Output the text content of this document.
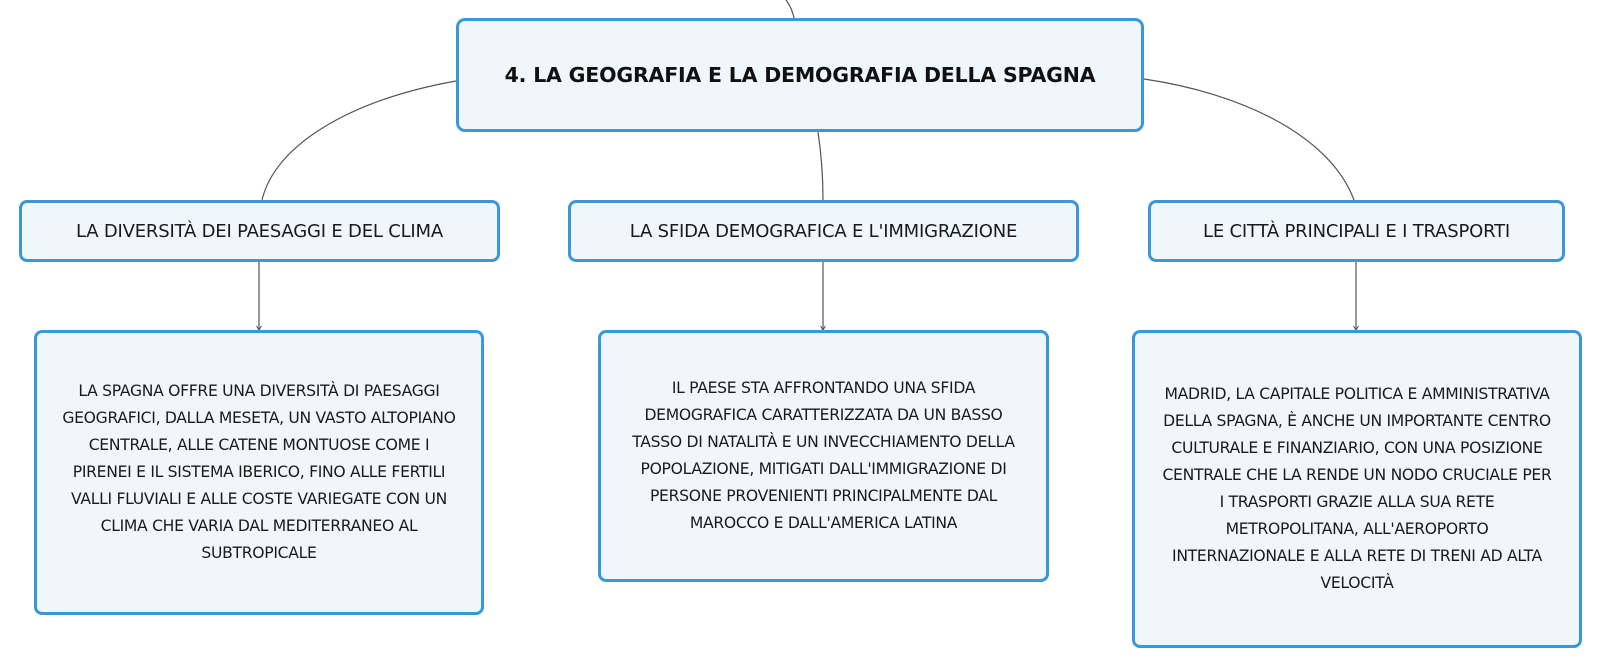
4. LA GEOGRAFIA E LA DEMOGRAFIA DELLA SPAGNA
LA DIVERSITÀ DEI PAESAGGI E DEL CLIMA	LA SFIDA DEMOGRAFICA E L'IMMIGRAZIONE	LE CITTÀ PRINCIPALI E I TRASPORTI
LA SPAGNA OFFRE UNA DIVERSITÀ DI PAESAGGI
GEOGRAFICI, DALLA MESETA, UN VASTO ALTOPIANO
CENTRALE, ALLE CATENE MONTUOSE COME I
PIRENEI E IL SISTEMA IBERICO, FINO ALLE FERTILI
VALLI FLUVIALI E ALLE COSTE VARIEGATE CON UN
CLIMA CHE VARIA DAL MEDITERRANEO AL
SUBTROPICALE
IL PAESE STA AFFRONTANDO UNA SFIDA
DEMOGRAFICA CARATTERIZZATA DA UN BASSO
TASSO DI NATALITÀ E UN INVECCHIAMENTO DELLA
POPOLAZIONE, MITIGATI DALL'IMMIGRAZIONE DI
PERSONE PROVENIENTI PRINCIPALMENTE DAL
MAROCCO E DALL'AMERICA LATINA
MADRID, LA CAPITALE POLITICA E AMMINISTRATIVA
DELLA SPAGNA, È ANCHE UN IMPORTANTE CENTRO
CULTURALE E FINANZIARIO, CON UNA POSIZIONE
CENTRALE CHE LA RENDE UN NODO CRUCIALE PER
I TRASPORTI GRAZIE ALLA SUA RETE
METROPOLITANA, ALL'AEROPORTO
INTERNAZIONALE E ALLA RETE DI TRENI AD ALTA
VELOCITÀ
